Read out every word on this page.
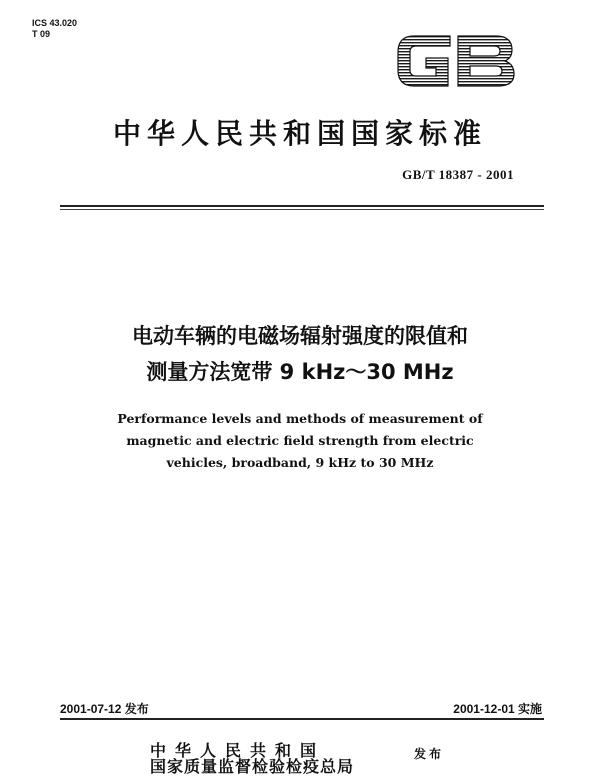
ICS 43.020
T 09	GB
中华人民共和国国家标准
GB/T 18387 - 2001
电动车辆的电磁场辐射强度的限值和
测量方法宽带 9 kHz～30 MHz
Performance levels and methods of measurement of
magnetic and electric field strength from electric
vehicles, broadband, 9 kHz to 30 MHz
2001-07-12 发布	2001-12-01 实施
中华人民共和国
国家质量监督检验检疫总局
发布
